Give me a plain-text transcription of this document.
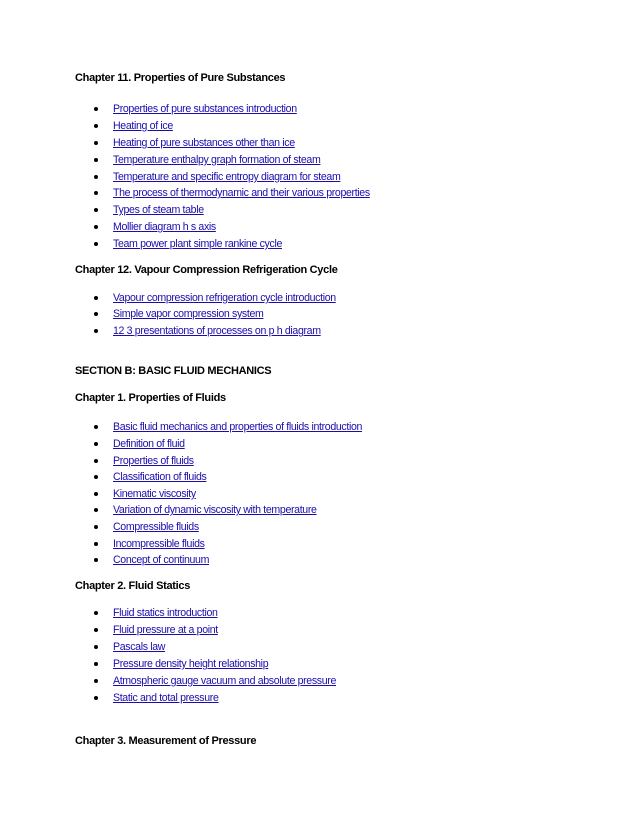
Chapter 11. Properties of Pure Substances
Properties of pure substances introduction
Heating of ice
Heating of pure substances other than ice
Temperature enthalpy graph formation of steam
Temperature and specific entropy diagram for steam
The process of thermodynamic and their various properties
Types of steam table
Mollier diagram h s axis
Team power plant simple rankine cycle
Chapter 12. Vapour Compression Refrigeration Cycle
Vapour compression refrigeration cycle introduction
Simple vapor compression system
12 3 presentations of processes on p h diagram
SECTION B: BASIC FLUID MECHANICS
Chapter 1. Properties of Fluids
Basic fluid mechanics and properties of fluids introduction
Definition of fluid
Properties of fluids
Classification of fluids
Kinematic viscosity
Variation of dynamic viscosity with temperature
Compressible fluids
Incompressible fluids
Concept of continuum
Chapter 2. Fluid Statics
Fluid statics introduction
Fluid pressure at a point
Pascals law
Pressure density height relationship
Atmospheric gauge vacuum and absolute pressure
Static and total pressure
Chapter 3. Measurement of Pressure
